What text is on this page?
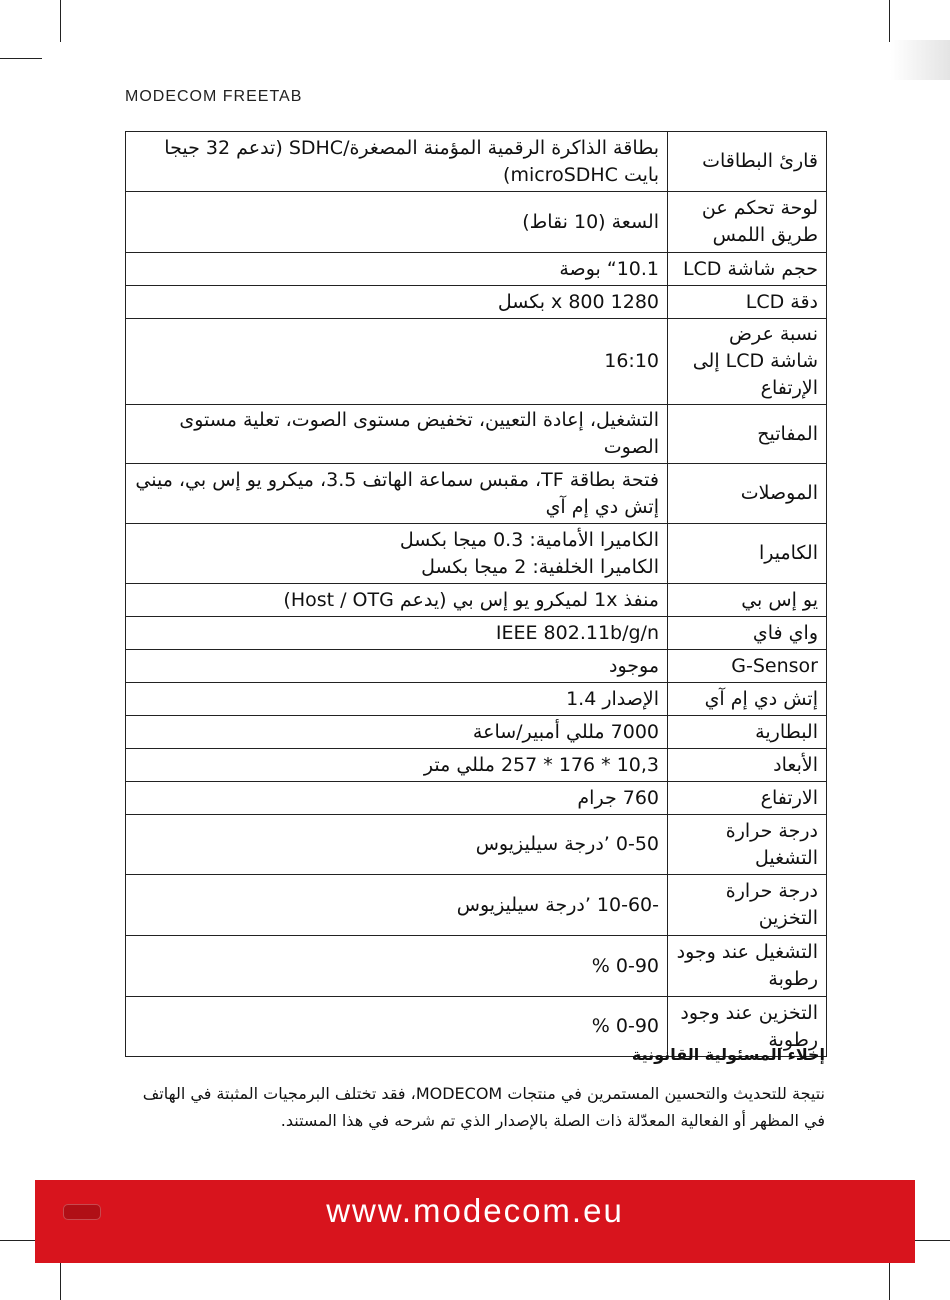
MODECOM FREETAB
قارئ البطاقات	بطاقة الذاكرة الرقمية المؤمنة المصغرة/SDHC (تدعم 32 جيجا بايت microSDHC)
لوحة تحكم عن طريق اللمس	السعة (10 نقاط)
حجم شاشة LCD	10.1“ بوصة
دقة LCD	1280 x 800 بكسل
نسبة عرض شاشة LCD إلى الإرتفاع	16:10
المفاتيح	التشغيل، إعادة التعيين، تخفيض مستوى الصوت، تعلية مستوى الصوت
الموصلات	فتحة بطاقة TF، مقبس سماعة الهاتف 3.5، ميكرو يو إس بي، ميني إتش دي إم آي
الكاميرا	الكاميرا الأمامية: 0.3 ميجا بكسل
الكاميرا الخلفية: 2 ميجا بكسل

يو إس بي	منفذ 1x لميكرو يو إس بي (يدعم Host / OTG)
واي فاي	IEEE 802.11b/g/n
G-Sensor	موجود
إتش دي إم آي	الإصدار 1.4
البطارية	7000 مللي أمبير/ساعة
الأبعاد	10,3 * 176 * 257 مللي متر
الارتفاع	760 جرام
درجة حرارة التشغيل	0-50 ’درجة سيليزيوس
درجة حرارة التخزين	-10-60 ’درجة سيليزيوس
التشغيل عند وجود رطوبة	0-90 %
التخزين عند وجود رطوبة	0-90 %
إخلاء المسئولية القانونية
نتيجة للتحديث والتحسين المستمرين في منتجات MODECOM، فقد تختلف البرمجيات المثبتة في الهاتف في المظهر أو الفعالية المعدّلة ذات الصلة بالإصدار الذي تم شرحه في هذا المستند.
www.modecom.eu
